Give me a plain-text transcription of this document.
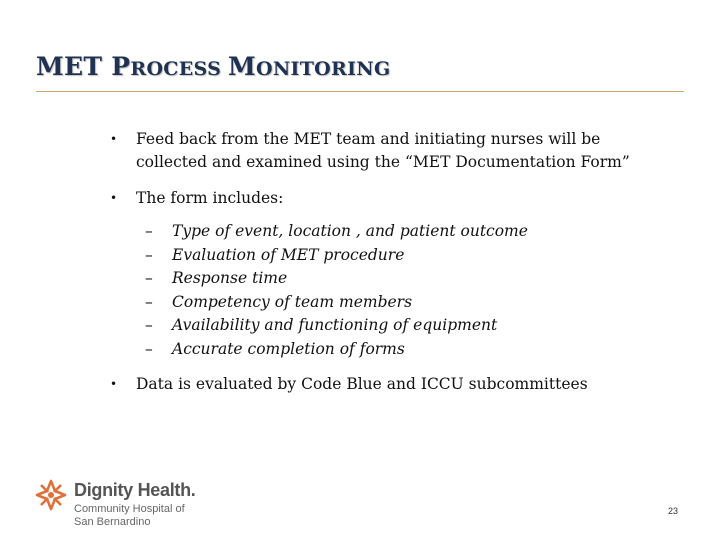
MET PROCESS MONITORING
• Feed back from the MET team and initiating nurses will be
collected and examined using the “MET Documentation Form”
• The form includes:
– Type of event, location , and patient outcome
– Evaluation of MET procedure
– Response time
– Competency of team members
– Availability and functioning of equipment
– Accurate completion of forms
• Data is evaluated by Code Blue and ICCU subcommittees
Dignity Health.
Community Hospital of
San Bernardino
23
